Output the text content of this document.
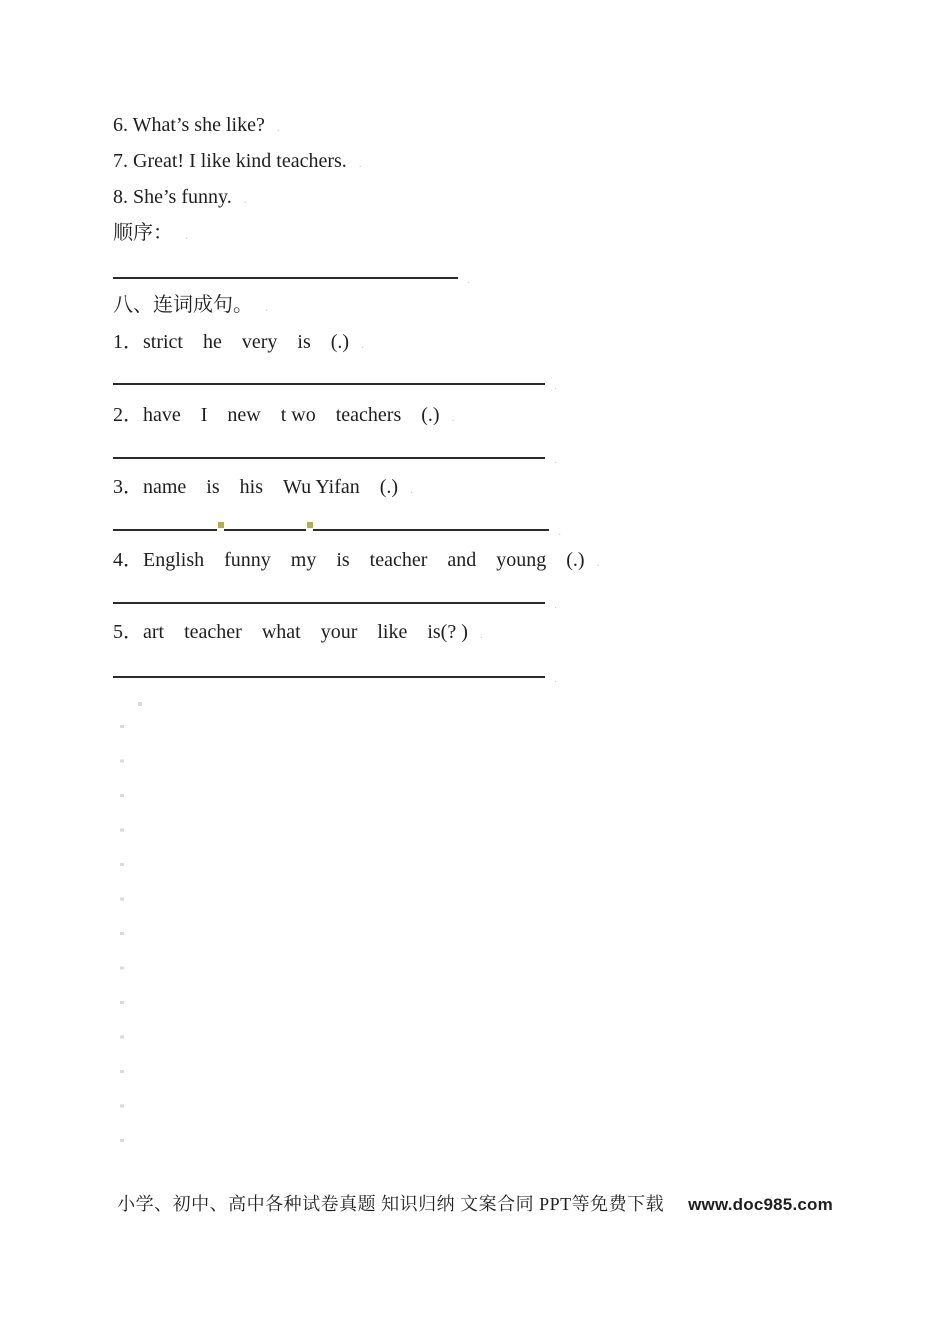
6. What’s she like? .
7. Great! I like kind teachers. .
8. She’s funny. .
顺序： .
.
八、连词成句。 .
1．strict　he　very　is　(.) .
.
2．have　I　new　t wo　teachers　(.) .
.
3．name　is　his　Wu Yifan　(.) .
.
4．English　funny　my　is　teacher　and　young　(.) .
.
5．art　teacher　what　your　like　is(? ) .
.
小学、初中、高中各种试卷真题 知识归纳 文案合同 PPT等免费下载 www.doc985.com
